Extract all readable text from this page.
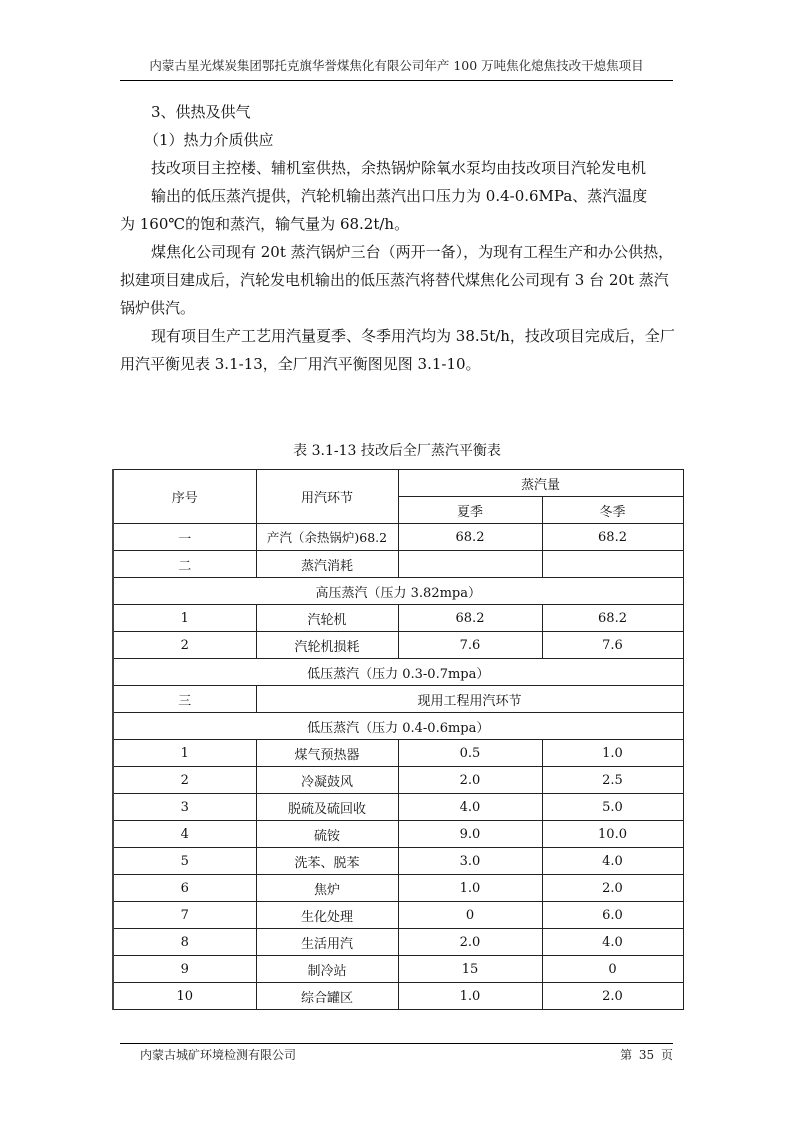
内蒙古星光煤炭集团鄂托克旗华誉煤焦化有限公司年产 100 万吨焦化熄焦技改干熄焦项目

3、供热及供气

（1）热力介质供应

技改项目主控楼、辅机室供热，余热锅炉除氧水泵均由技改项目汽轮发电机

输出的低压蒸汽提供，汽轮机输出蒸汽出口压力为 0.4-0.6MPa、蒸汽温度

为 160℃的饱和蒸汽，输气量为 68.2t/h。

煤焦化公司现有 20t 蒸汽锅炉三台（两开一备），为现有工程生产和办公供热，拟建项目建成后，汽轮发电机输出的低压蒸汽将替代煤焦化公司现有 3 台 20t 蒸汽锅炉供汽。

现有项目生产工艺用汽量夏季、冬季用汽均为 38.5t/h，技改项目完成后，全厂用汽平衡见表 3.1-13，全厂用汽平衡图见图 3.1-10。

表 3.1-13 技改后全厂蒸汽平衡表
序号	用汽环节	蒸汽量	
		夏季	冬季
一	产汽（余热锅炉)68.2	68.2	68.2
二	蒸汽消耗		
高压蒸汽（压力 3.82mpa）			
1	汽轮机	68.2	68.2
2	汽轮机损耗	7.6	7.6
低压蒸汽（压力 0.3-0.7mpa）			
三	现用工程用汽环节		
低压蒸汽（压力 0.4-0.6mpa）			
1	煤气预热器	0.5	1.0
2	冷凝鼓风	2.0	2.5
3	脱硫及硫回收	4.0	5.0
4	硫铵	9.0	10.0
5	洗苯、脱苯	3.0	4.0
6	焦炉	1.0	2.0
7	生化处理	0	6.0
8	生活用汽	2.0	4.0
9	制冷站	15	0
10	综合罐区	1.0	2.0
内蒙古城矿环境检测有限公司	第 35 页
